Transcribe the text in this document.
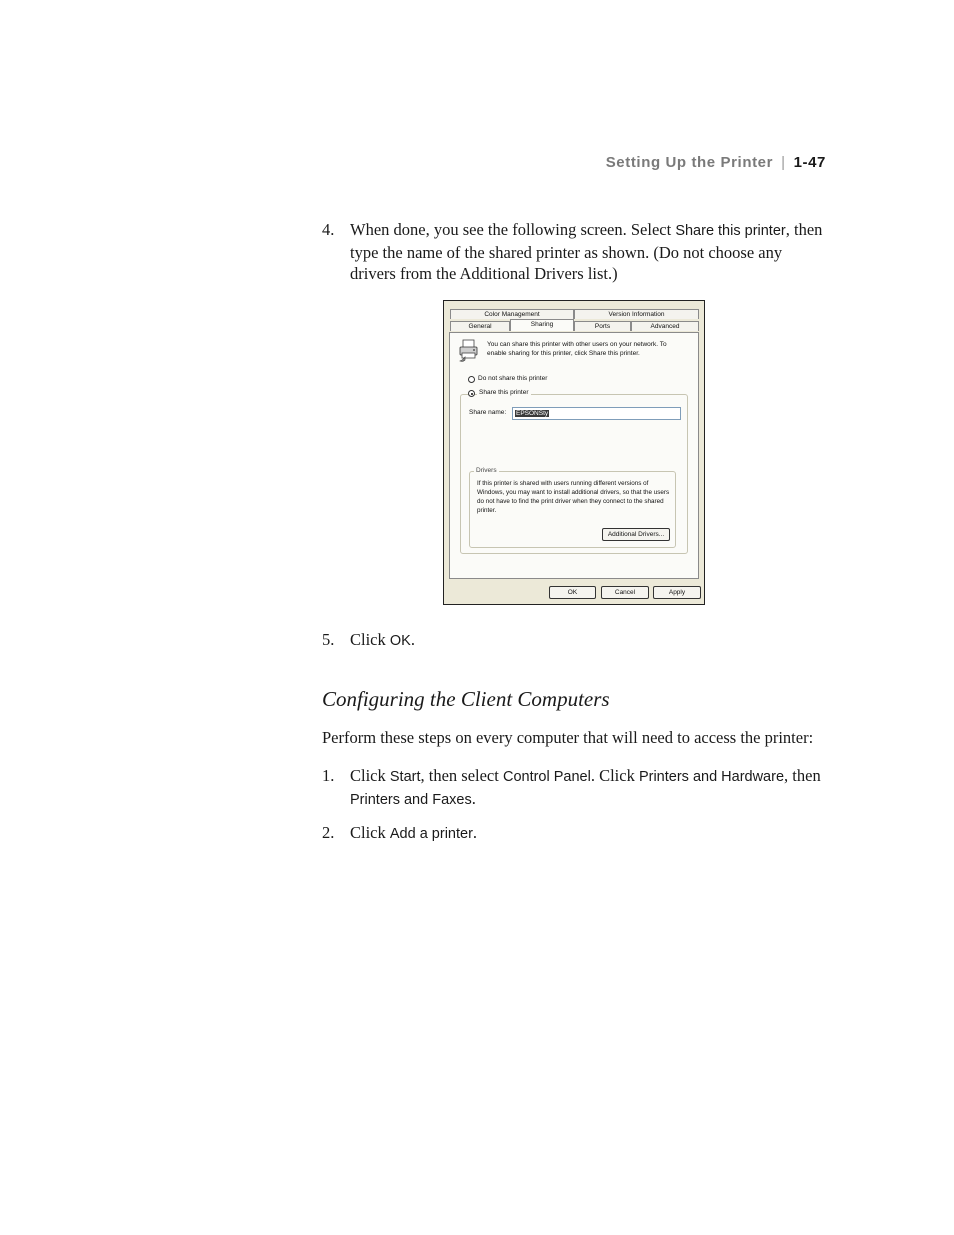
Setting Up the Printer | 1-47
4. When done, you see the following screen. Select Share this printer, then type the name of the shared printer as shown. (Do not choose any drivers from the Additional Drivers list.)
Color Management	Version Information
General	Sharing	Ports	Advanced
You can share this printer with other users on your network. To enable sharing for this printer, click Share this printer.
Do not share this printer
Share this printer
Share name: EPSONSty
Drivers
If this printer is shared with users running different versions of Windows, you may want to install additional drivers, so that the users do not have to find the print driver when they connect to the shared printer.
Additional Drivers...
OK	Cancel	Apply
5. Click OK.
Configuring the Client Computers
Perform these steps on every computer that will need to access the printer:
1. Click Start, then select Control Panel. Click Printers and Hardware, then Printers and Faxes.
2. Click Add a printer.
